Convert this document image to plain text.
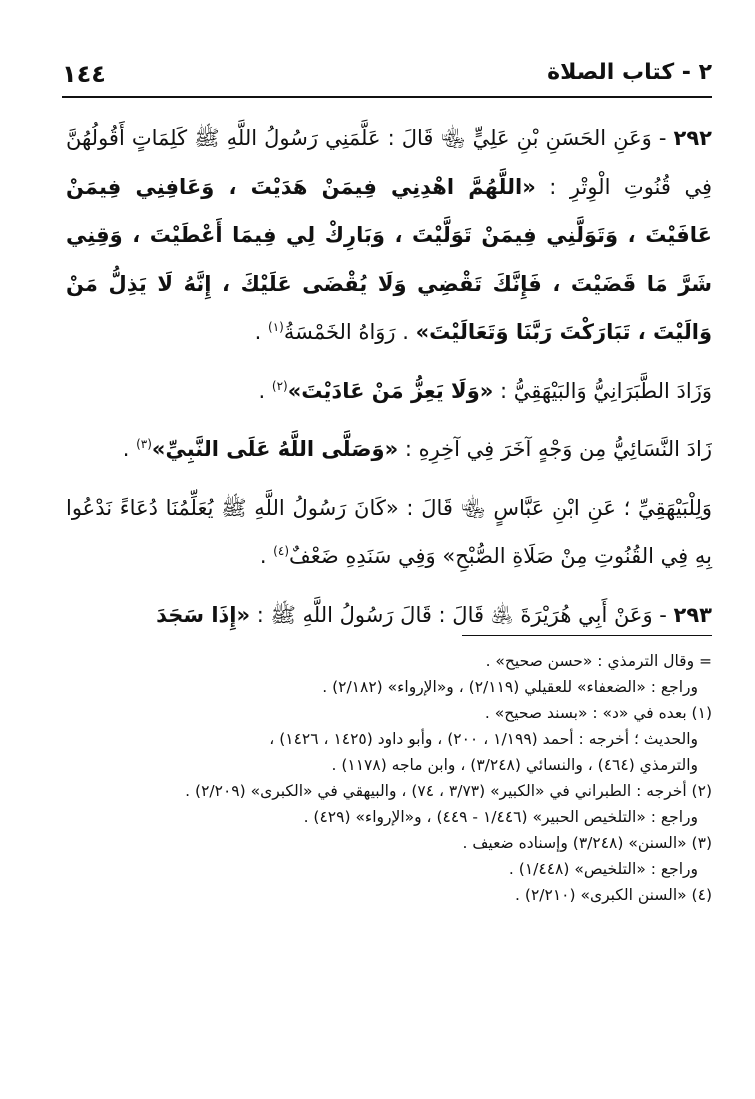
٢ - كتاب الصلاة
١٤٤

٢٩٢ - وَعَنِ الحَسَنِ بْنِ عَلِيٍّ ﵄ قَالَ : عَلَّمَنِي رَسُولُ اللَّهِ ﷺ كَلِمَاتٍ أَقُولُهُنَّ فِي قُنُوتِ الْوِتْرِ : «اللَّهُمَّ اهْدِنِي فِيمَنْ هَدَيْتَ ، وَعَافِنِي فِيمَنْ عَافَيْتَ ، وَتَوَلَّنِي فِيمَنْ تَوَلَّيْتَ ، وَبَارِكْ لِي فِيمَا أَعْطَيْتَ ، وَقِنِي شَرَّ مَا قَضَيْتَ ، فَإِنَّكَ تَقْضِي وَلَا يُقْضَى عَلَيْكَ ، إِنَّهُ لَا يَذِلُّ مَنْ وَالَيْتَ ، تَبَارَكْتَ رَبَّنَا وَتَعَالَيْتَ» . رَوَاهُ الخَمْسَةُ$^{(١)}$ .

وَزَادَ الطَّبَرَانِيُّ وَالبَيْهَقِيُّ : «وَلَا يَعِزُّ مَنْ عَادَيْتَ»$^{(٢)}$ .

زَادَ النَّسَائِيُّ مِن وَجْهٍ آخَرَ فِي آخِرِهِ : «وَصَلَّى اللَّهُ عَلَى النَّبِيِّ»$^{(٣)}$ .

وَلِلْبَيْهَقِيِّ ؛ عَنِ ابْنِ عَبَّاسٍ ﵄ قَالَ : «كَانَ رَسُولُ اللَّهِ ﷺ يُعَلِّمُنَا دُعَاءً نَدْعُوا بِهِ فِي القُنُوتِ مِنْ صَلَاةِ الصُّبْحِ» وَفِي سَنَدِهِ ضَعْفٌ$^{(٤)}$ .

٢٩٣ - وَعَنْ أَبِي هُرَيْرَةَ ﵁ قَالَ : قَالَ رَسُولُ اللَّهِ ﷺ : «إِذَا سَجَدَ

= وقال الترمذي : «حسن صحيح» .
وراجع : «الضعفاء» للعقيلي (٢/١١٩) ، و«الإرواء» (٢/١٨٢) .
(١) بعده في «د» : «بسند صحيح» .
والحديث ؛ أخرجه : أحمد (١/١٩٩ ، ٢٠٠) ، وأبو داود (١٤٢٥ ، ١٤٢٦) ،
والترمذي (٤٦٤) ، والنسائي (٣/٢٤٨) ، وابن ماجه (١١٧٨) .
(٢) أخرجه : الطبراني في «الكبير» (٣/٧٣ ، ٧٤) ، والبيهقي في «الكبرى» (٢/٢٠٩) .
وراجع : «التلخيص الحبير» (١/٤٤٦ - ٤٤٩) ، و«الإرواء» (٤٢٩) .
(٣) «السنن» (٣/٢٤٨) وإسناده ضعيف .
وراجع : «التلخيص» (١/٤٤٨) .
(٤) «السنن الكبرى» (٢/٢١٠) .
